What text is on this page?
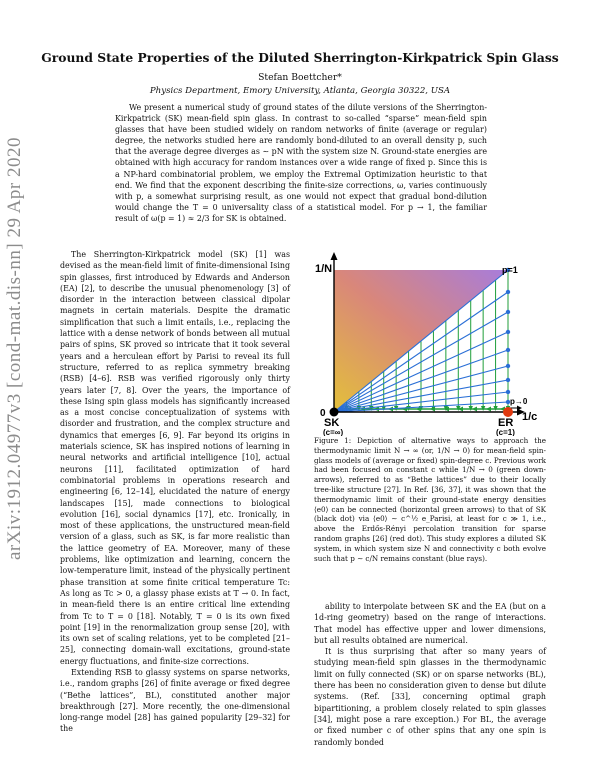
arXiv:1912.04977v3 [cond-mat.dis-nn] 29 Apr 2020
Ground State Properties of the Diluted Sherrington-Kirkpatrick Spin Glass
Stefan Boettcher*
Physics Department, Emory University, Atlanta, Georgia 30322, USA

We present a numerical study of ground states of the dilute versions of the Sherrington-Kirkpatrick (SK) mean-field spin glass. In contrast to so-called “sparse” mean-field spin glasses that have been studied widely on random networks of finite (average or regular) degree, the networks studied here are randomly bond-diluted to an overall density p, such that the average degree diverges as ∼ pN with the system size N. Ground-state energies are obtained with high accuracy for random instances over a wide range of fixed p. Since this is a NP-hard combinatorial problem, we employ the Extremal Optimization heuristic to that end. We find that the exponent describing the finite-size corrections, ω, varies continuously with p, a somewhat surprising result, as one would not expect that gradual bond-dilution would change the T = 0 universality class of a statistical model. For p → 1, the familiar result of ω(p = 1) ≈ 2/3 for SK is obtained.

The Sherrington-Kirkpatrick model (SK) [1] was devised as the mean-field limit of finite-dimensional Ising spin glasses, first introduced by Edwards and Anderson (EA) [2], to describe the unusual phenomenology [3] of disorder in the interaction between classical dipolar magnets in certain materials. Despite the dramatic simplification that such a limit entails, i.e., replacing the lattice with a dense network of bonds between all mutual pairs of spins, SK proved so intricate that it took several years and a herculean effort by Parisi to reveal its full structure, referred to as replica symmetry breaking (RSB) [4–6]. RSB was verified rigorously only thirty years later [7, 8]. Over the years, the importance of these Ising spin glass models has significantly increased as a most concise conceptualization of systems with disorder and frustration, and the complex structure and dynamics that emerges [6, 9]. Far beyond its origins in materials science, SK has inspired notions of learning in neural networks and artificial intelligence [10], actual neurons [11], facilitated optimization of hard combinatorial problems in operations research and engineering [6, 12–14], elucidated the nature of energy landscapes [15], made connections to biological evolution [16], social dynamics [17], etc. Ironically, in most of these applications, the unstructured mean-field version of a glass, such as SK, is far more realistic than the lattice geometry of EA. Moreover, many of these problems, like optimization and learning, concern the low-temperature limit, instead of the physically pertinent phase transition at some finite critical temperature Tc: As long as Tc > 0, a glassy phase exists at T → 0. In fact, in mean-field there is an entire critical line extending from Tc to T = 0 [18]. Notably, T = 0 is its own fixed point [19] in the renormalization group sense [20], with its own set of scaling relations, yet to be completed [21–25], connecting domain-wall excitations, ground-state energy fluctuations, and finite-size corrections.

Extending RSB to glassy systems on sparse networks, i.e., random graphs [26] of finite average or fixed degree (“Bethe lattices”, BL), constituted another major breakthrough [27]. More recently, the one-dimensional long-range model [28] has gained popularity [29–32] for the

1/N
1/c
0
p=1
p→0
SK
(c=∞)
ER
(c=1)

Figure 1: Depiction of alternative ways to approach the thermodynamic limit N → ∞ (or, 1/N → 0) for mean-field spin-glass models of (average or fixed) spin-degree c. Previous work had been focused on constant c while 1/N → 0 (green down-arrows), referred to as “Bethe lattices” due to their locally tree-like structure [27]. In Ref. [36, 37], it was shown that the thermodynamic limit of their ground-state energy densities ⟨e0⟩ can be connected (horizontal green arrows) to that of SK (black dot) via ⟨e0⟩ ∼ c^½ e_Parisi, at least for c ≫ 1, i.e., above the Erdős-Rényi percolation transition for sparse random graphs [26] (red dot). This study explores a diluted SK system, in which system size N and connectivity c both evolve such that p ∼ c/N remains constant (blue rays).

ability to interpolate between SK and the EA (but on a 1d-ring geometry) based on the range of interactions. That model has effective upper and lower dimensions, but all results obtained are numerical.

It is thus surprising that after so many years of studying mean-field spin glasses in the thermodynamic limit on fully connected (SK) or on sparse networks (BL), there has been no consideration given to dense but dilute systems. (Ref. [33], concerning optimal graph bipartitioning, a problem closely related to spin glasses [34], might pose a rare exception.) For BL, the average or fixed number c of other spins that any one spin is randomly bonded
